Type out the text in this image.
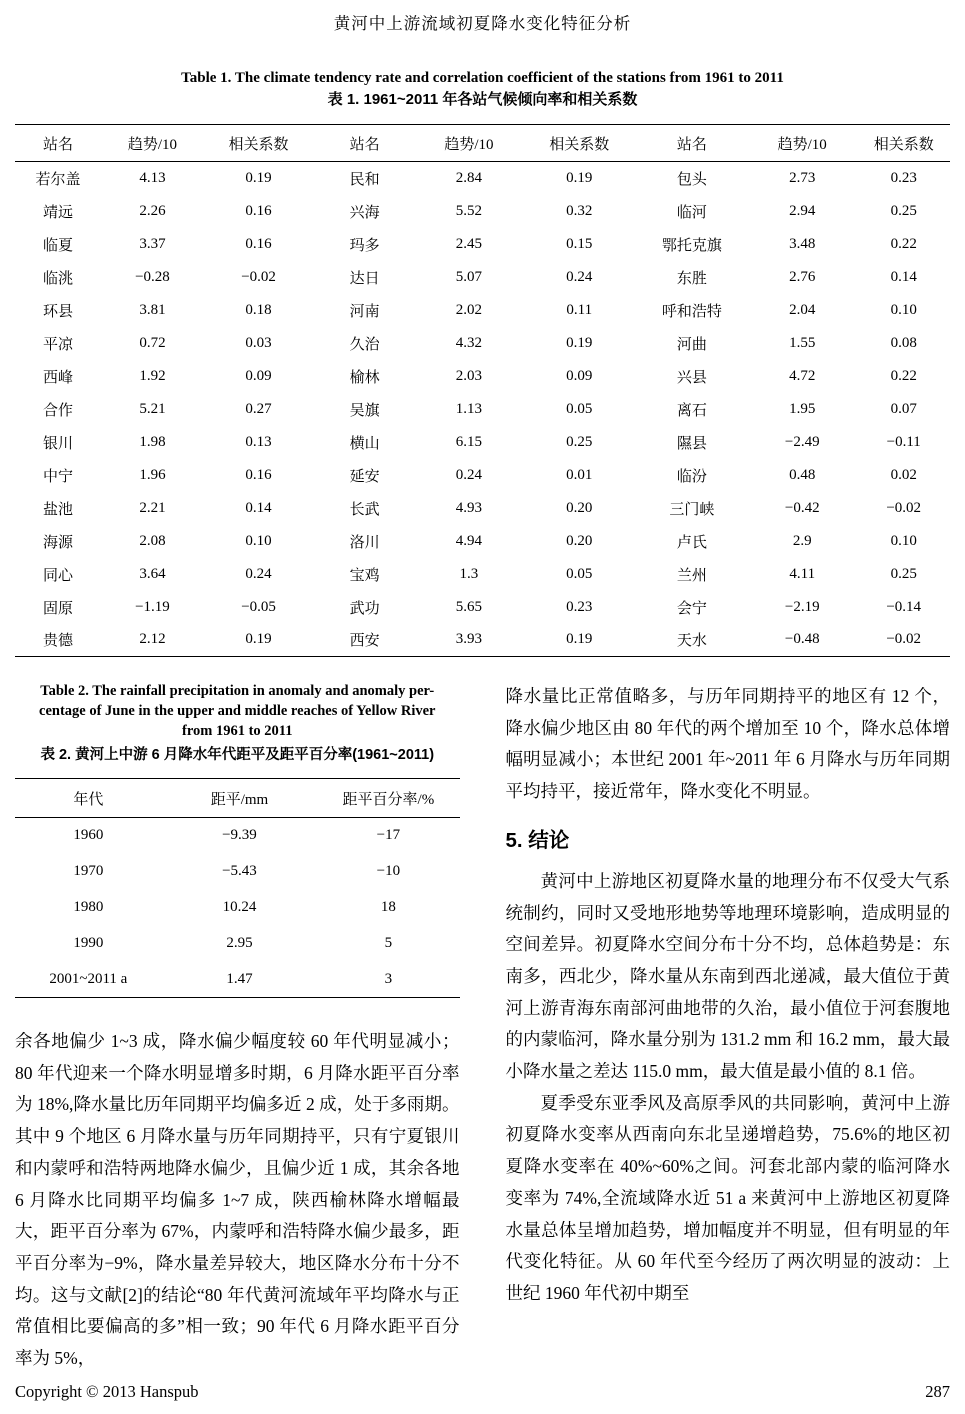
黄河中上游流域初夏降水变化特征分析
Table 1. The climate tendency rate and correlation coefficient of the stations from 1961 to 2011
表 1. 1961~2011 年各站气候倾向率和相关系数
站名	趋势/10	相关系数	站名	趋势/10	相关系数	站名	趋势/10	相关系数
若尔盖	4.13	0.19	民和	2.84	0.19	包头	2.73	0.23
靖远	2.26	0.16	兴海	5.52	0.32	临河	2.94	0.25
临夏	3.37	0.16	玛多	2.45	0.15	鄂托克旗	3.48	0.22
临洮	−0.28	−0.02	达日	5.07	0.24	东胜	2.76	0.14
环县	3.81	0.18	河南	2.02	0.11	呼和浩特	2.04	0.10
平凉	0.72	0.03	久治	4.32	0.19	河曲	1.55	0.08
西峰	1.92	0.09	榆林	2.03	0.09	兴县	4.72	0.22
合作	5.21	0.27	吴旗	1.13	0.05	离石	1.95	0.07
银川	1.98	0.13	横山	6.15	0.25	隰县	−2.49	−0.11
中宁	1.96	0.16	延安	0.24	0.01	临汾	0.48	0.02
盐池	2.21	0.14	长武	4.93	0.20	三门峡	−0.42	−0.02
海源	2.08	0.10	洛川	4.94	0.20	卢氏	2.9	0.10
同心	3.64	0.24	宝鸡	1.3	0.05	兰州	4.11	0.25
固原	−1.19	−0.05	武功	5.65	0.23	会宁	−2.19	−0.14
贵德	2.12	0.19	西安	3.93	0.19	天水	−0.48	−0.02
Table 2. The rainfall precipitation in anomaly and anomaly per-
centage of June in the upper and middle reaches of Yellow River
from 1961 to 2011
表 2. 黄河上中游 6 月降水年代距平及距平百分率(1961~2011)
年代	距平/mm	距平百分率/%
1960	−9.39	−17
1970	−5.43	−10
1980	10.24	18
1990	2.95	5
2001~2011 a	1.47	3

余各地偏少 1~3 成，降水偏少幅度较 60 年代明显减小；80 年代迎来一个降水明显增多时期，6 月降水距平百分率为 18%,降水量比历年同期平均偏多近 2 成，处于多雨期。其中 9 个地区 6 月降水量与历年同期持平，只有宁夏银川和内蒙呼和浩特两地降水偏少，且偏少近 1 成，其余各地 6 月降水比同期平均偏多 1~7 成，陕西榆林降水增幅最大，距平百分率为 67%，内蒙呼和浩特降水偏少最多，距平百分率为−9%，降水量差异较大，地区降水分布十分不均。这与文献[2]的结论“80 年代黄河流域年平均降水与正常值相比要偏高的多”相一致；90 年代 6 月降水距平百分率为 5%，

降水量比正常值略多，与历年同期持平的地区有 12 个，降水偏少地区由 80 年代的两个增加至 10 个，降水总体增幅明显减小；本世纪 2001 年~2011 年 6 月降水与历年同期平均持平，接近常年，降水变化不明显。

5. 结论

黄河中上游地区初夏降水量的地理分布不仅受大气系统制约，同时又受地形地势等地理环境影响，造成明显的空间差异。初夏降水空间分布十分不均，总体趋势是：东南多，西北少，降水量从东南到西北递减，最大值位于黄河上游青海东南部河曲地带的久治，最小值位于河套腹地的内蒙临河，降水量分别为 131.2 mm 和 16.2 mm，最大最小降水量之差达 115.0 mm，最大值是最小值的 8.1 倍。

夏季受东亚季风及高原季风的共同影响，黄河中上游初夏降水变率从西南向东北呈递增趋势，75.6%的地区初夏降水变率在 40%~60%之间。河套北部内蒙的临河降水变率为 74%,全流域降水近 51 a 来黄河中上游地区初夏降水量总体呈增加趋势，增加幅度并不明显，但有明显的年代变化特征。从 60 年代至今经历了两次明显的波动：上世纪 1960 年代初中期至

Copyright © 2013 Hanspub	287
